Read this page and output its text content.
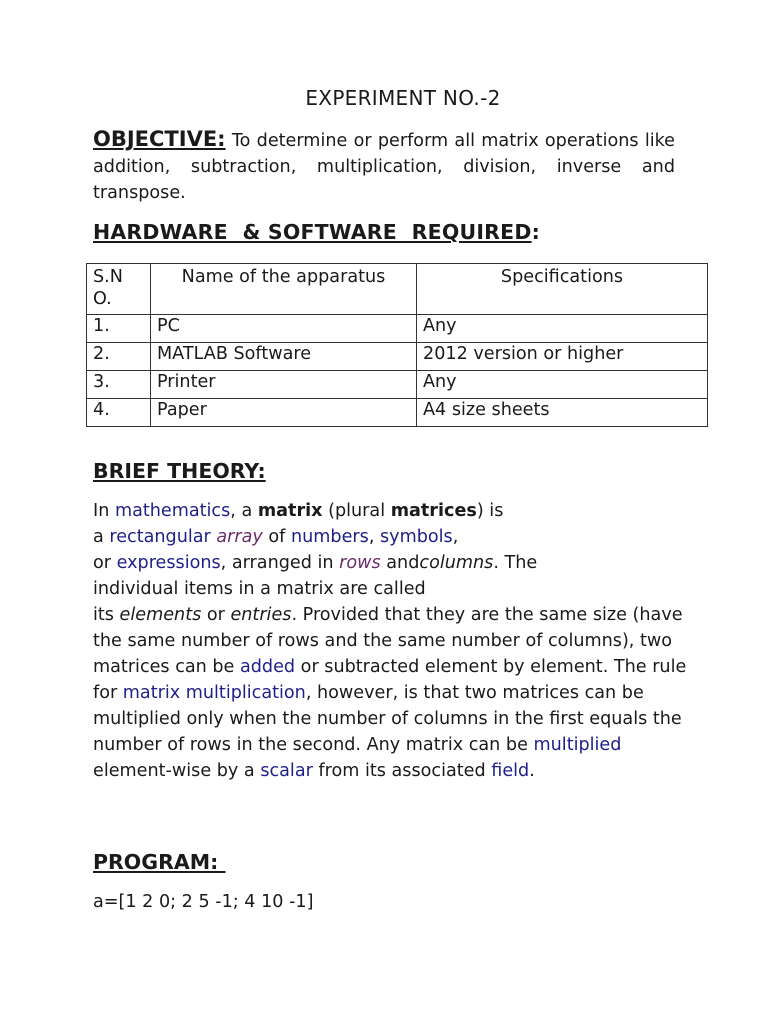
EXPERIMENT NO.-2
OBJECTIVE: To determine or perform all matrix operations like addition, subtraction, multiplication, division, inverse and transpose.
HARDWARE  & SOFTWARE  REQUIRED:
S.N O.	Name of the apparatus	Specifications
1.	PC	Any
2.	MATLAB Software	2012 version or higher
3.	Printer	Any
4.	Paper	A4 size sheets
BRIEF THEORY:
In mathematics, a matrix (plural matrices) is
a rectangular array of numbers, symbols,
or expressions, arranged in rows andcolumns. The
individual items in a matrix are called
its elements or entries. Provided that they are the same size (have the same number of rows and the same number of columns), two matrices can be added or subtracted element by element. The rule for matrix multiplication, however, is that two matrices can be multiplied only when the number of columns in the first equals the number of rows in the second. Any matrix can be multiplied element-wise by a scalar from its associated field.
PROGRAM:
a=[1 2 0; 2 5 -1; 4 10 -1]
